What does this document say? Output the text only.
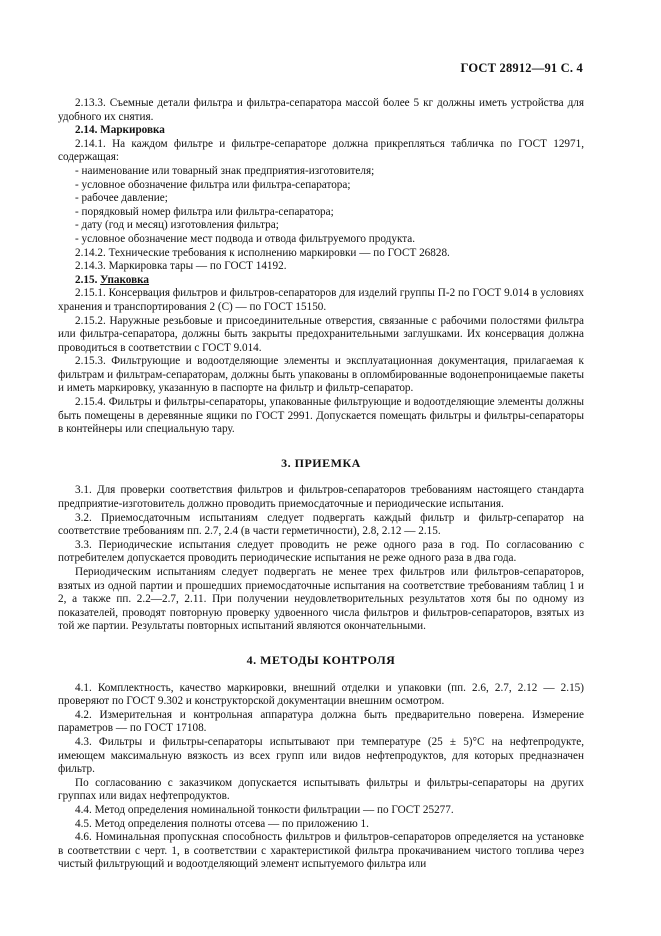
ГОСТ 28912—91 С. 4

2.13.3. Съемные детали фильтра и фильтра-сепаратора массой более 5 кг должны иметь устройства для удобного их снятия.

2.14. Маркировка

2.14.1. На каждом фильтре и фильтре-сепараторе должна прикрепляться табличка по ГОСТ 12971, содержащая:

- наименование или товарный знак предприятия-изготовителя;

- условное обозначение фильтра или фильтра-сепаратора;

- рабочее давление;

- порядковый номер фильтра или фильтра-сепаратора;

- дату (год и месяц) изготовления фильтра;

- условное обозначение мест подвода и отвода фильтруемого продукта.

2.14.2. Технические требования к исполнению маркировки — по ГОСТ 26828.

2.14.3. Маркировка тары — по ГОСТ 14192.

2.15. Упаковка

2.15.1. Консервация фильтров и фильтров-сепараторов для изделий группы П-2 по ГОСТ 9.014 в условиях хранения и транспортирования 2 (С) — по ГОСТ 15150.

2.15.2. Наружные резьбовые и присоединительные отверстия, связанные с рабочими полостями фильтра или фильтра-сепаратора, должны быть закрыты предохранительными заглушками. Их консервация должна проводиться в соответствии с ГОСТ 9.014.

2.15.3. Фильтрующие и водоотделяющие элементы и эксплуатационная документация, прилагаемая к фильтрам и фильтрам-сепараторам, должны быть упакованы в опломбированные водонепроницаемые пакеты и иметь маркировку, указанную в паспорте на фильтр и фильтр-сепаратор.

2.15.4. Фильтры и фильтры-сепараторы, упакованные фильтрующие и водоотделяющие элементы должны быть помещены в деревянные ящики по ГОСТ 2991. Допускается помещать фильтры и фильтры-сепараторы в контейнеры или специальную тару.

3. ПРИЕМКА

3.1. Для проверки соответствия фильтров и фильтров-сепараторов требованиям настоящего стандарта предприятие-изготовитель должно проводить приемосдаточные и периодические испытания.

3.2. Приемосдаточным испытаниям следует подвергать каждый фильтр и фильтр-сепаратор на соответствие требованиям пп. 2.7, 2.4 (в части герметичности), 2.8, 2.12 — 2.15.

3.3. Периодические испытания следует проводить не реже одного раза в год. По согласованию с потребителем допускается проводить периодические испытания не реже одного раза в два года.

Периодическим испытаниям следует подвергать не менее трех фильтров или фильтров-сепараторов, взятых из одной партии и прошедших приемосдаточные испытания на соответствие требованиям таблиц 1 и 2, а также пп. 2.2—2.7, 2.11. При получении неудовлетворительных результатов хотя бы по одному из показателей, проводят повторную проверку удвоенного числа фильтров и фильтров-сепараторов, взятых из той же партии. Результаты повторных испытаний являются окончательными.

4. МЕТОДЫ КОНТРОЛЯ

4.1. Комплектность, качество маркировки, внешний отделки и упаковки (пп. 2.6, 2.7, 2.12 — 2.15) проверяют по ГОСТ 9.302 и конструкторской документации внешним осмотром.

4.2. Измерительная и контрольная аппаратура должна быть предварительно поверена. Измерение параметров — по ГОСТ 17108.

4.3. Фильтры и фильтры-сепараторы испытывают при температуре (25 ± 5)°С на нефтепродукте, имеющем максимальную вязкость из всех групп или видов нефтепродуктов, для которых предназначен фильтр.

По согласованию с заказчиком допускается испытывать фильтры и фильтры-сепараторы на других группах или видах нефтепродуктов.

4.4. Метод определения номинальной тонкости фильтрации — по ГОСТ 25277.

4.5. Метод определения полноты отсева — по приложению 1.

4.6. Номинальная пропускная способность фильтров и фильтров-сепараторов определяется на установке в соответствии с черт. 1, в соответствии с характеристикой фильтра прокачиванием чистого топлива через чистый фильтрующий и водоотделяющий элемент испытуемого фильтра или
